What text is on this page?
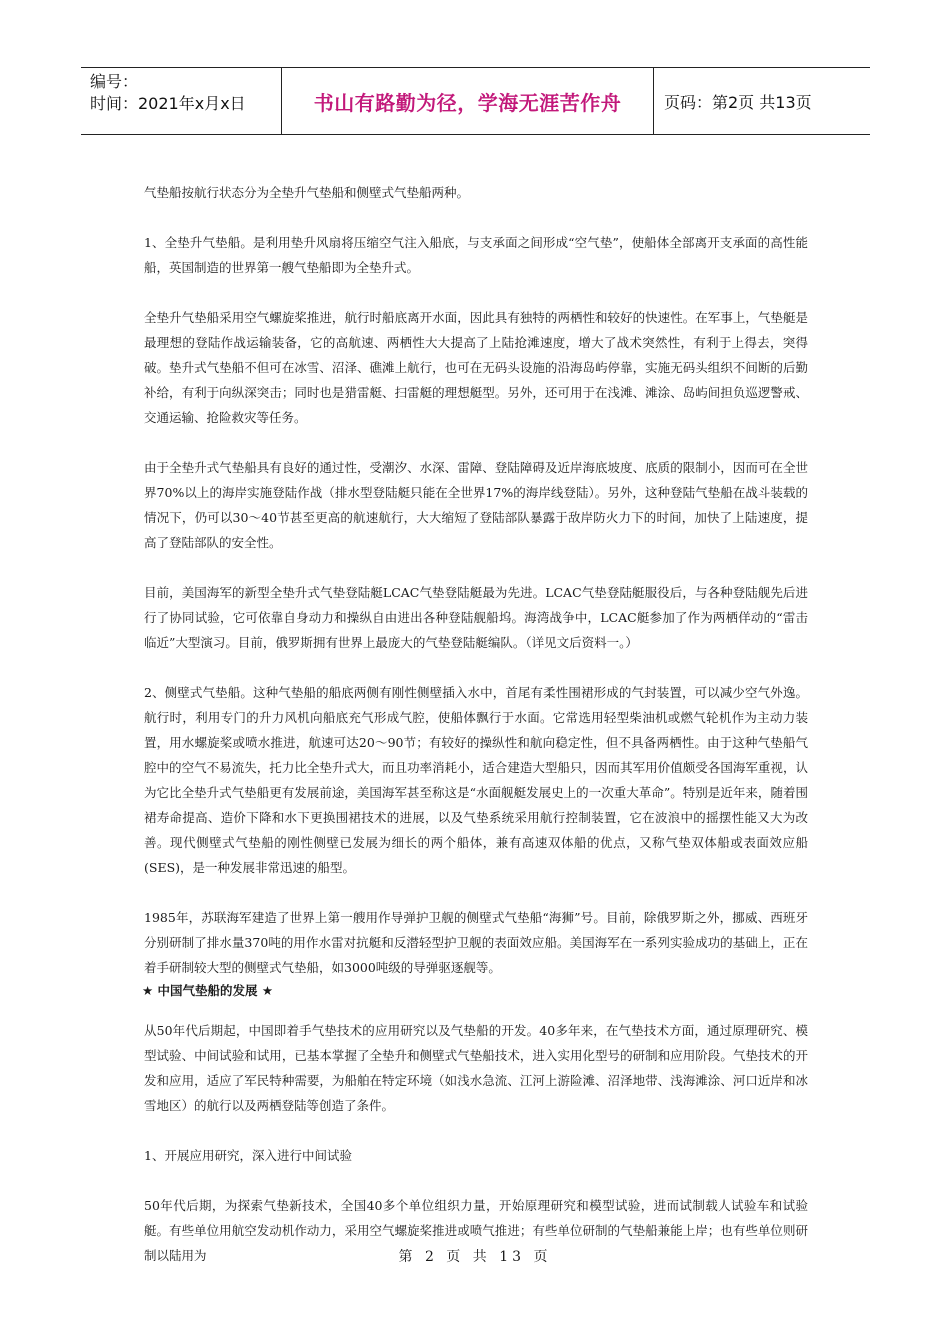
编号：
时间：2021年x月x日	书山有路勤为径，学海无涯苦作舟	页码：第2页 共13页

气垫船按航行状态分为全垫升气垫船和侧壁式气垫船两种。

1、全垫升气垫船。是利用垫升风扇将压缩空气注入船底，与支承面之间形成“空气垫”，使船体全部离开支承面的高性能船，英国制造的世界第一艘气垫船即为全垫升式。

全垫升气垫船采用空气螺旋桨推进，航行时船底离开水面，因此具有独特的两栖性和较好的快速性。在军事上，气垫艇是最理想的登陆作战运输装备，它的高航速、两栖性大大提高了上陆抢滩速度，增大了战术突然性，有利于上得去，突得破。垫升式气垫船不但可在冰雪、沼泽、礁滩上航行，也可在无码头设施的沿海岛屿停靠，实施无码头组织不间断的后勤补给，有利于向纵深突击；同时也是猎雷艇、扫雷艇的理想艇型。另外，还可用于在浅滩、滩涂、岛屿间担负巡逻警戒、交通运输、抢险救灾等任务。

由于全垫升式气垫船具有良好的通过性，受潮汐、水深、雷障、登陆障碍及近岸海底坡度、底质的限制小，因而可在全世界70%以上的海岸实施登陆作战（排水型登陆艇只能在全世界17%的海岸线登陆）。另外，这种登陆气垫船在战斗装载的情况下，仍可以30～40节甚至更高的航速航行，大大缩短了登陆部队暴露于敌岸防火力下的时间，加快了上陆速度，提高了登陆部队的安全性。

目前，美国海军的新型全垫升式气垫登陆艇LCAC气垫登陆艇最为先进。LCAC气垫登陆艇服役后，与各种登陆舰先后进行了协同试验，它可依靠自身动力和操纵自由进出各种登陆舰船坞。海湾战争中，LCAC艇参加了作为两栖佯动的“雷击临近”大型演习。目前，俄罗斯拥有世界上最庞大的气垫登陆艇编队。（详见文后资料一。）

2、侧壁式气垫船。这种气垫船的船底两侧有刚性侧壁插入水中，首尾有柔性围裙形成的气封装置，可以减少空气外逸。航行时，利用专门的升力风机向船底充气形成气腔，使船体飘行于水面。它常选用轻型柴油机或燃气轮机作为主动力装置，用水螺旋桨或喷水推进，航速可达20～90节；有较好的操纵性和航向稳定性，但不具备两栖性。由于这种气垫船气腔中的空气不易流失，托力比全垫升式大，而且功率消耗小，适合建造大型船只，因而其军用价值颇受各国海军重视，认为它比全垫升式气垫船更有发展前途，美国海军甚至称这是“水面舰艇发展史上的一次重大革命”。特别是近年来，随着围裙寿命提高、造价下降和水下更换围裙技术的进展，以及气垫系统采用航行控制装置，它在波浪中的摇摆性能又大为改善。现代侧壁式气垫船的刚性侧壁已发展为细长的两个船体，兼有高速双体船的优点，又称气垫双体船或表面效应船(SES)，是一种发展非常迅速的船型。

1985年，苏联海军建造了世界上第一艘用作导弹护卫舰的侧壁式气垫船“海狮”号。目前，除俄罗斯之外，挪威、西班牙分别研制了排水量370吨的用作水雷对抗艇和反潜轻型护卫舰的表面效应船。美国海军在一系列实验成功的基础上，正在着手研制较大型的侧壁式气垫船，如3000吨级的导弹驱逐舰等。

★ 中国气垫船的发展 ★

从50年代后期起，中国即着手气垫技术的应用研究以及气垫船的开发。40多年来，在气垫技术方面，通过原理研究、模型试验、中间试验和试用，已基本掌握了全垫升和侧壁式气垫船技术，进入实用化型号的研制和应用阶段。气垫技术的开发和应用，适应了军民特种需要，为船舶在特定环境（如浅水急流、江河上游险滩、沼泽地带、浅海滩涂、河口近岸和冰雪地区）的航行以及两栖登陆等创造了条件。

1、开展应用研究，深入进行中间试验

50年代后期，为探索气垫新技术，全国40多个单位组织力量，开始原理研究和模型试验，进而试制载人试验车和试验艇。有些单位用航空发动机作动力，采用空气螺旋桨推进或喷气推进；有些单位研制的气垫船兼能上岸；也有些单位则研制以陆用为	第 2 页 共 13 页
